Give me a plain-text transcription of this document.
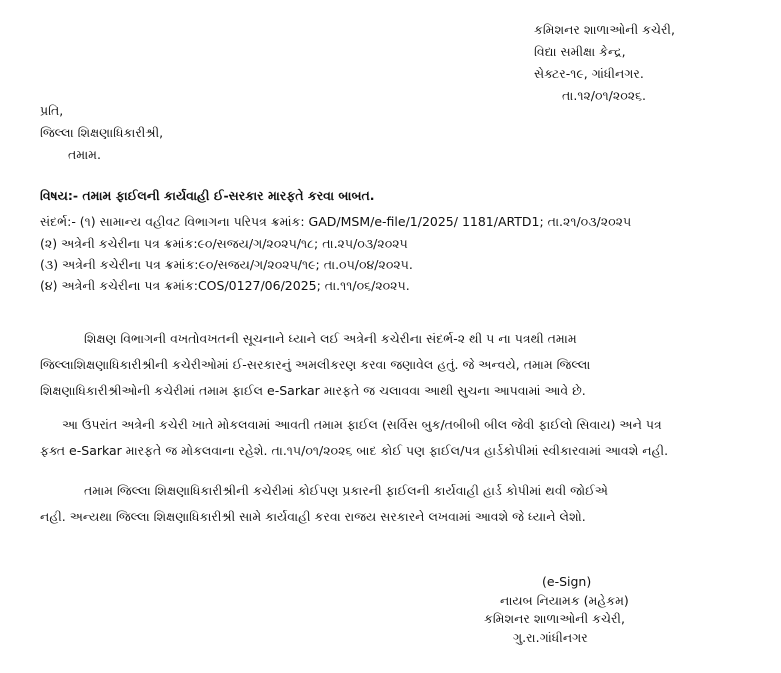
કમિશનર શાળાઓની કચેરી,
વિદ્યા સમીક્ષા કેન્દ્ર,
સેક્ટર-૧૯, ગાંધીનગર.
તા.૧૨/૦૧/૨૦૨૬.
પ્રતિ,
જિલ્લા શિક્ષણાધિકારીશ્રી,
તમામ.
વિષય:- તમામ ફાઈલની કાર્યવાહી ઈ-સરકાર મારફતે કરવા બાબત.
સંદર્ભ:- (૧) સામાન્ય વહીવટ વિભાગના પરિપત્ર ક્રમાંક: GAD/MSM/e-file/1/2025/ 1181/ARTD1; તા.૨૧/૦૩/૨૦૨૫
(૨) અત્રેની કચેરીના પત્ર ક્રમાંક:૯૦/સજય/ગ/૨૦૨૫/૧૮; તા.૨૫/૦૩/૨૦૨૫
(૩) અત્રેની કચેરીના પત્ર ક્રમાંક:૯૦/સજય/ગ/૨૦૨૫/૧૯; તા.૦૫/૦૪/૨૦૨૫.
(૪) અત્રેની કચેરીના પત્ર ક્રમાંક:COS/0127/06/2025; તા.૧૧/૦૬/૨૦૨૫.
શિક્ષણ વિભાગની વખતોવખતની સૂચનાને ધ્યાને લઈ અત્રેની કચેરીના સંદર્ભ-૨ થી ૫ ના પત્રથી તમામ
જિલ્લાશિક્ષણાધિકારીશ્રીની કચેરીઓમાં ઈ-સરકારનું અમલીકરણ કરવા જણાવેલ હતું. જે અન્વયે, તમામ જિલ્લા
શિક્ષણાધિકારીશ્રીઓની કચેરીમાં તમામ ફાઈલ e-Sarkar મારફતે જ ચલાવવા આથી સુચના આપવામાં આવે છે.
આ ઉપરાંત અત્રેની કચેરી ખાતે મોકલવામાં આવતી તમામ ફાઈલ (સર્વિસ બુક/તબીબી બીલ જેવી ફાઈલો સિવાય) અને પત્ર
ફક્ત e-Sarkar મારફતે જ મોકલવાના રહેશે. તા.૧૫/૦૧/૨૦૨૬ બાદ કોઈ પણ ફાઈલ/પત્ર હાર્ડકોપીમાં સ્વીકારવામાં આવશે નહી.
તમામ જિલ્લા શિક્ષણાધિકારીશ્રીની કચેરીમાં કોઈપણ પ્રકારની ફાઈલની કાર્યવાહી હાર્ડ કોપીમાં થવી જોઈએ
નહી. અન્યથા જિલ્લા શિક્ષણાધિકારીશ્રી સામે કાર્યવાહી કરવા રાજય સરકારને લખવામાં આવશે જે ધ્યાને લેશો.
(e-Sign)
નાયબ નિયામક (મહેકમ)
કમિશનર શાળાઓની કચેરી,
ગુ.રા.ગાંધીનગર
